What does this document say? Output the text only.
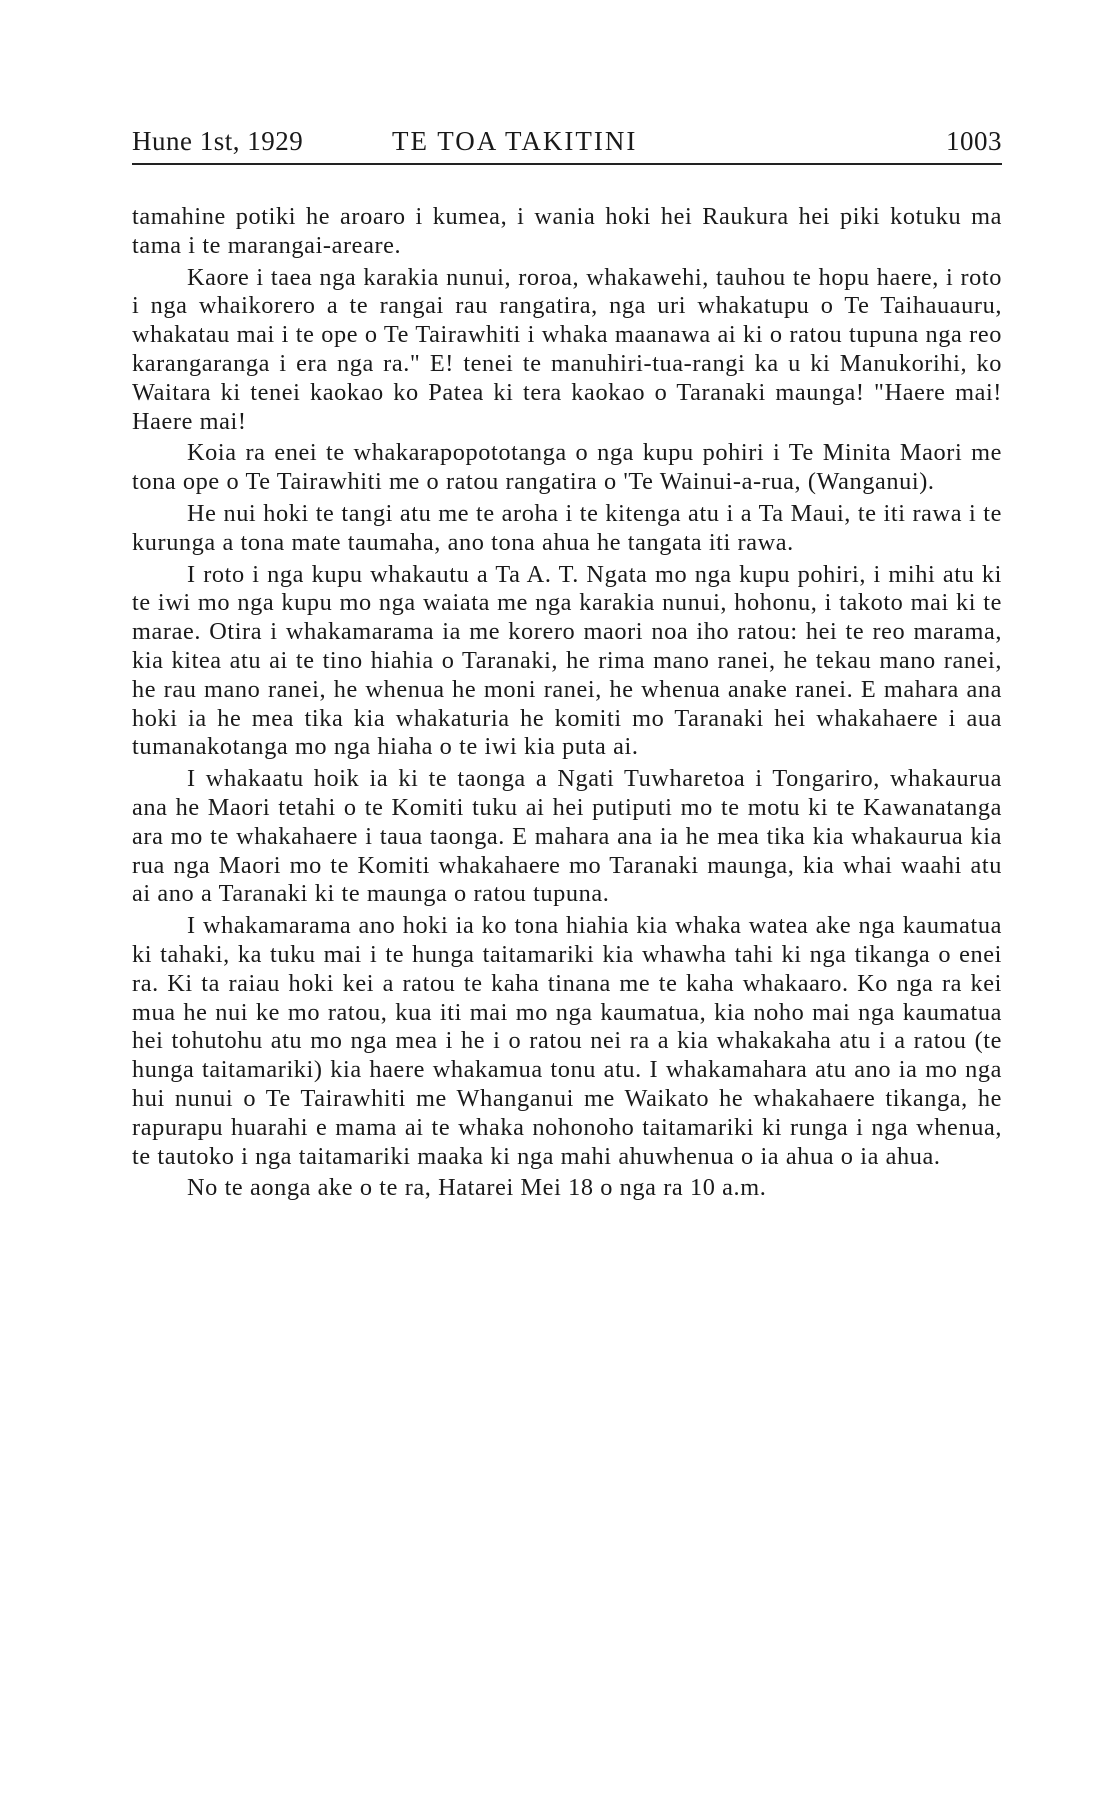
Hune 1st, 1929	TE TOA TAKITINI	1003

tamahine potiki he aroaro i kumea, i wania hoki hei Raukura hei piki kotuku ma tama i te marangai-areare.

Kaore i taea nga karakia nunui, roroa, whakawehi, tauhou te hopu haere, i roto i nga whaikorero a te rangai rau rangatira, nga uri whakatupu o Te Taihauauru, whakatau mai i te ope o Te Tairawhiti i whaka maanawa ai ki o ratou tupuna nga reo karangaranga i era nga ra." E! tenei te manuhiri-tua-rangi ka u ki Manukorihi, ko Waitara ki tenei kaokao ko Patea ki tera kaokao o Taranaki maunga! "Haere mai! Haere mai!

Koia ra enei te whakarapopototanga o nga kupu pohiri i Te Minita Maori me tona ope o Te Tairawhiti me o ratou rangatira o 'Te Wainui-a-rua, (Wanganui).

He nui hoki te tangi atu me te aroha i te kitenga atu i a Ta Maui, te iti rawa i te kurunga a tona mate taumaha, ano tona ahua he tangata iti rawa.

I roto i nga kupu whakautu a Ta A. T. Ngata mo nga kupu pohiri, i mihi atu ki te iwi mo nga kupu mo nga waiata me nga karakia nunui, hohonu, i takoto mai ki te marae. Otira i whakamarama ia me korero maori noa iho ratou: hei te reo marama, kia kitea atu ai te tino hiahia o Taranaki, he rima mano ranei, he tekau mano ranei, he rau mano ranei, he whenua he moni ranei, he whenua anake ranei. E mahara ana hoki ia he mea tika kia whakaturia he komiti mo Taranaki hei whakahaere i aua tumanakotanga mo nga hiaha o te iwi kia puta ai.

I whakaatu hoik ia ki te taonga a Ngati Tuwharetoa i Tongariro, whakaurua ana he Maori tetahi o te Komiti tuku ai hei putiputi mo te motu ki te Kawanatanga ara mo te whakahaere i taua taonga. E mahara ana ia he mea tika kia whakaurua kia rua nga Maori mo te Komiti whakahaere mo Taranaki maunga, kia whai waahi atu ai ano a Taranaki ki te maunga o ratou tupuna.

I whakamarama ano hoki ia ko tona hiahia kia whaka watea ake nga kaumatua ki tahaki, ka tuku mai i te hunga taitamariki kia whawha tahi ki nga tikanga o enei ra. Ki ta raiau hoki kei a ratou te kaha tinana me te kaha whakaaro. Ko nga ra kei mua he nui ke mo ratou, kua iti mai mo nga kaumatua, kia noho mai nga kaumatua hei tohutohu atu mo nga mea i he i o ratou nei ra a kia whakakaha atu i a ratou (te hunga taitamariki) kia haere whakamua tonu atu. I whakamahara atu ano ia mo nga hui nunui o Te Tairawhiti me Whanganui me Waikato he whakahaere tikanga, he rapurapu huarahi e mama ai te whaka nohonoho taitamariki ki runga i nga whenua, te tautoko i nga taitamariki maaka ki nga mahi ahuwhenua o ia ahua o ia ahua.

No te aonga ake o te ra, Hatarei Mei 18 o nga ra 10 a.m.
